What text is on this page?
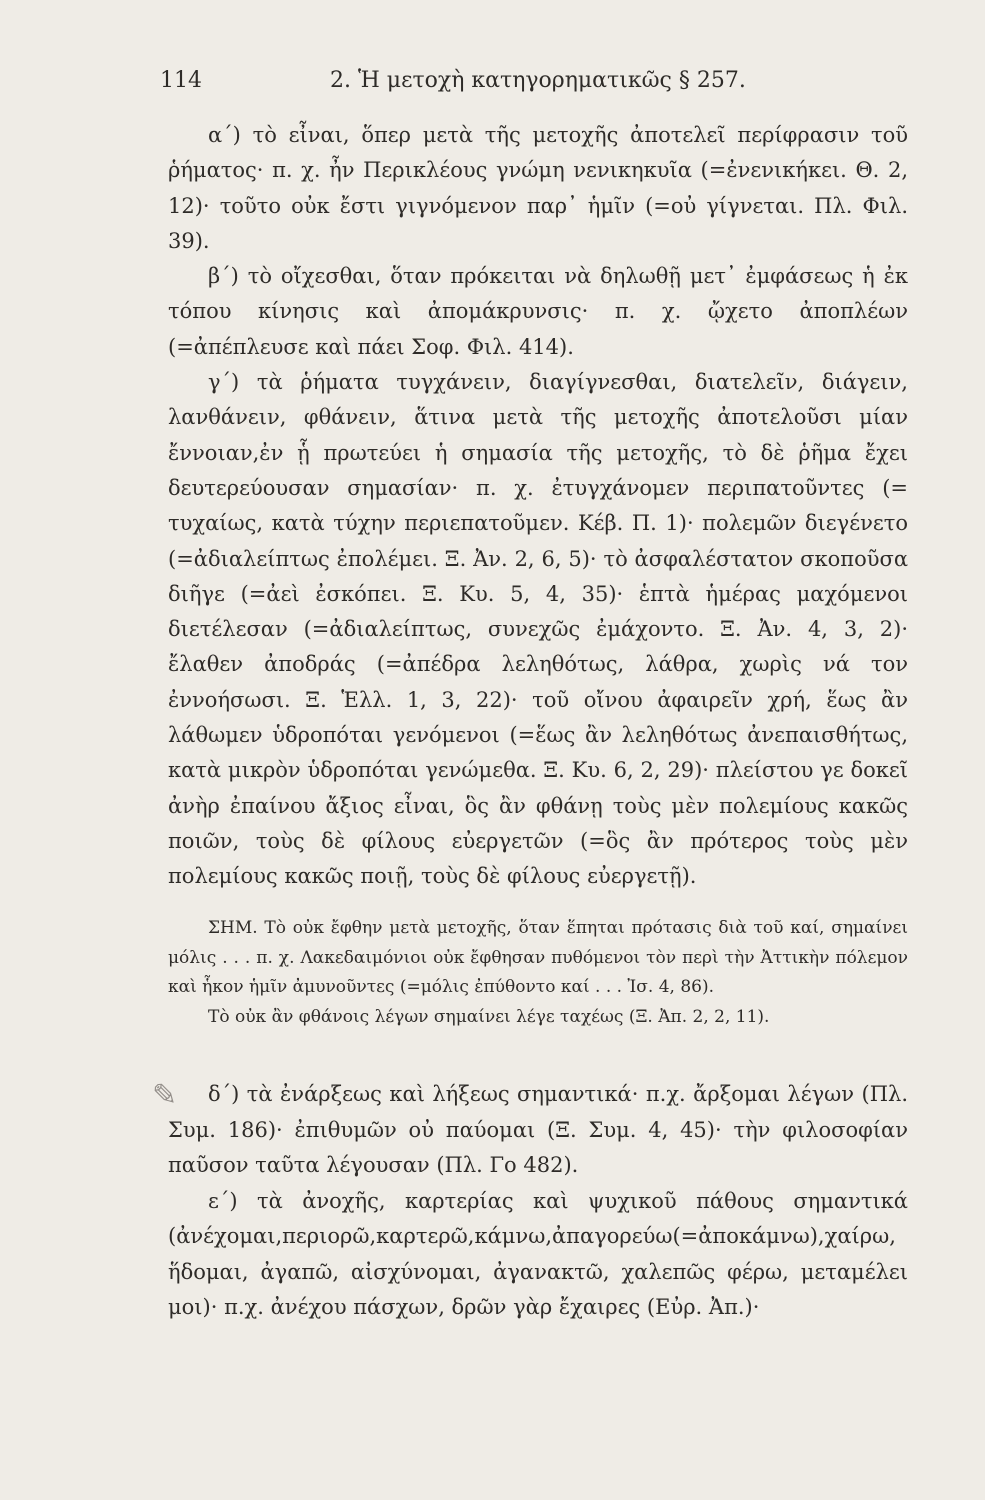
114	2. Ἡ μετοχὴ κατηγορηματικῶς § 257.

α΄) τὸ εἶναι, ὅπερ μετὰ τῆς μετοχῆς ἀποτελεῖ περίφρασιν τοῦ ῥήματος· π. χ. ἦν Περικλέους γνώμη νενικηκυῖα (=ἐνενικήκει. Θ. 2, 12)· τοῦτο οὐκ ἔστι γιγνόμενον παρ᾿ ἡμῖν (=οὐ γίγνεται. Πλ. Φιλ. 39).

β΄) τὸ οἴχεσθαι, ὅταν πρόκειται νὰ δηλωθῇ μετ᾿ ἐμφάσεως ἡ ἐκ τόπου κίνησις καὶ ἀπομάκρυνσις· π. χ. ᾤχετο ἀποπλέων (=ἀπέπλευσε καὶ πάει Σοφ. Φιλ. 414).

γ΄) τὰ ῥήματα τυγχάνειν, διαγίγνεσθαι, διατελεῖν, διάγειν, λανθάνειν, φθάνειν, ἅτινα μετὰ τῆς μετοχῆς ἀποτελοῦσι μίαν ἔννοιαν,ἐν ᾗ πρωτεύει ἡ σημασία τῆς μετοχῆς, τὸ δὲ ῥῆμα ἔχει δευτερεύουσαν σημασίαν· π. χ. ἐτυγχάνομεν περιπατοῦντες (= τυχαίως, κατὰ τύχην περιεπατοῦμεν. Κέβ. Π. 1)· πολεμῶν διεγένετο (=ἀδιαλείπτως ἐπολέμει. Ξ. Ἀν. 2, 6, 5)· τὸ ἀσφαλέστατον σκοποῦσα διῆγε (=ἀεὶ ἐσκόπει. Ξ. Κυ. 5, 4, 35)· ἑπτὰ ἡμέρας μαχόμενοι διετέλεσαν (=ἀδιαλείπτως, συνεχῶς ἐμάχοντο. Ξ. Ἀν. 4, 3, 2)· ἔλαθεν ἀποδράς (=ἀπέδρα λεληθότως, λάθρα, χωρὶς νά τον ἐννοήσωσι. Ξ. Ἑλλ. 1, 3, 22)· τοῦ οἴνου ἀφαιρεῖν χρή, ἕως ἂν λάθωμεν ὑδροπόται γενόμενοι (=ἕως ἂν λεληθότως ἀνεπαισθήτως, κατὰ μικρὸν ὑδροπόται γενώμεθα. Ξ. Κυ. 6, 2, 29)· πλείστου γε δοκεῖ ἀνὴρ ἐπαίνου ἄξιος εἶναι, ὃς ἂν φθάνῃ τοὺς μὲν πολεμίους κακῶς ποιῶν, τοὺς δὲ φίλους εὐεργετῶν (=ὃς ἂν πρότερος τοὺς μὲν πολεμίους κακῶς ποιῇ, τοὺς δὲ φίλους εὐεργετῇ).

ΣΗΜ. Τὸ οὐκ ἔφθην μετὰ μετοχῆς, ὅταν ἕπηται πρότασις διὰ τοῦ καί, σημαίνει μόλις . . . π. χ. Λακεδαιμόνιοι οὐκ ἔφθησαν πυθόμενοι τὸν περὶ τὴν Ἀττικὴν πόλεμον καὶ ἧκον ἡμῖν ἀμυνοῦντες (=μόλις ἐπύθοντο καί . . . Ἰσ. 4, 86).

Τὸ οὐκ ἂν φθάνοις λέγων σημαίνει λέγε ταχέως (Ξ. Ἀπ. 2, 2, 11).

δ΄) τὰ ἐνάρξεως καὶ λήξεως σημαντικά· π.χ. ἄρξομαι λέγων (Πλ. Συμ. 186)· ἐπιθυμῶν οὐ παύομαι (Ξ. Συμ. 4, 45)· τὴν φιλοσοφίαν παῦσον ταῦτα λέγουσαν (Πλ. Γο 482).

ε΄) τὰ ἀνοχῆς, καρτερίας καὶ ψυχικοῦ πάθους σημαντικά (ἀνέχομαι,περιορῶ,καρτερῶ,κάμνω,ἀπαγορεύω(=ἀποκάμνω),χαίρω, ἥδομαι, ἀγαπῶ, αἰσχύνομαι, ἀγανακτῶ, χαλεπῶς φέρω, μεταμέλει μοι)· π.χ. ἀνέχου πάσχων, δρῶν γὰρ ἔχαιρες (Εὐρ. Ἀπ.)·

✎
